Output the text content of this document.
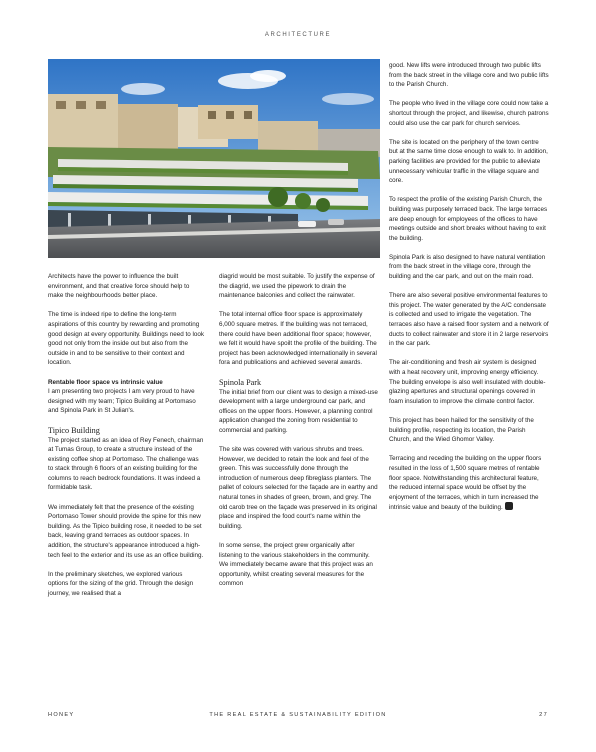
ARCHITECTURE

Architects have the power to influence the built environment, and that creative force should help to make the neighbourhoods better place.

The time is indeed ripe to define the long-term aspirations of this country by rewarding and promoting good design at every opportunity. Buildings need to look good not only from the inside out but also from the outside in and to be sensitive to their context and location.

Rentable floor space vs intrinsic value
I am presenting two projects I am very proud to have designed with my team; Tipico Building at Portomaso and Spinola Park in St Julian's.

Tipico Building

The project started as an idea of Rey Fenech, chairman at Tumas Group, to create a structure instead of the existing coffee shop at Portomaso. The challenge was to stack through 6 floors of an existing building for the columns to reach bedrock foundations. It was indeed a formidable task.

We immediately felt that the presence of the existing Portomaso Tower should provide the spine for this new building. As the Tipico building rose, it needed to be set back, leaving grand terraces as outdoor spaces. In addition, the structure's appearance introduced a high-tech feel to the exterior and its use as an office building.

In the preliminary sketches, we explored various options for the sizing of the grid. Through the design journey, we realised that a

diagrid would be most suitable. To justify the expense of the diagrid, we used the pipework to drain the maintenance balconies and collect the rainwater.

The total internal office floor space is approximately 6,000 square metres. If the building was not terraced, there could have been additional floor space; however, we felt it would have spoilt the profile of the building. The project has been acknowledged internationally in several fora and publications and achieved several awards.

Spinola Park

The initial brief from our client was to design a mixed-use development with a large underground car park, and offices on the upper floors. However, a planning control application changed the zoning from residential to commercial and parking.

The site was covered with various shrubs and trees. However, we decided to retain the look and feel of the green. This was successfully done through the introduction of numerous deep fibreglass planters. The pallet of colours selected for the façade are in earthy and natural tones in shades of green, brown, and grey. The old carob tree on the façade was preserved in its original place and inspired the food court's name within the building.

In some sense, the project grew organically after listening to the various stakeholders in the community. We immediately became aware that this project was an opportunity, whilst creating several measures for the common

good. New lifts were introduced through two public lifts from the back street in the village core and two public lifts to the Parish Church.

The people who lived in the village core could now take a shortcut through the project, and likewise, church patrons could also use the car park for church services.

The site is located on the periphery of the town centre but at the same time close enough to walk to. In addition, parking facilities are provided for the public to alleviate unnecessary vehicular traffic in the village square and core.

To respect the profile of the existing Parish Church, the building was purposely terraced back. The large terraces are deep enough for employees of the offices to have meetings outside and short breaks without having to exit the building.

Spinola Park is also designed to have natural ventilation from the back street in the village core, through the building and the car park, and out on the main road.

There are also several positive environmental features to this project. The water generated by the A/C condensate is collected and used to irrigate the vegetation. The terraces also have a raised floor system and a network of ducts to collect rainwater and store it in 2 large reservoirs in the car park.

The air-conditioning and fresh air system is designed with a heat recovery unit, improving energy efficiency. The building envelope is also well insulated with double-glazing apertures and structural openings covered in foam insulation to improve the climate control factor.

This project has been hailed for the sensitivity of the building profile, respecting its location, the Parish Church, and the Wied Ghomor Valley.

Terracing and receding the building on the upper floors resulted in the loss of 1,500 square metres of rentable floor space. Notwithstanding this architectural feature, the reduced internal space would be offset by the enjoyment of the terraces, which in turn increased the intrinsic value and beauty of the building.

HONEY	THE REAL ESTATE & SUSTAINABILITY EDITION	27
